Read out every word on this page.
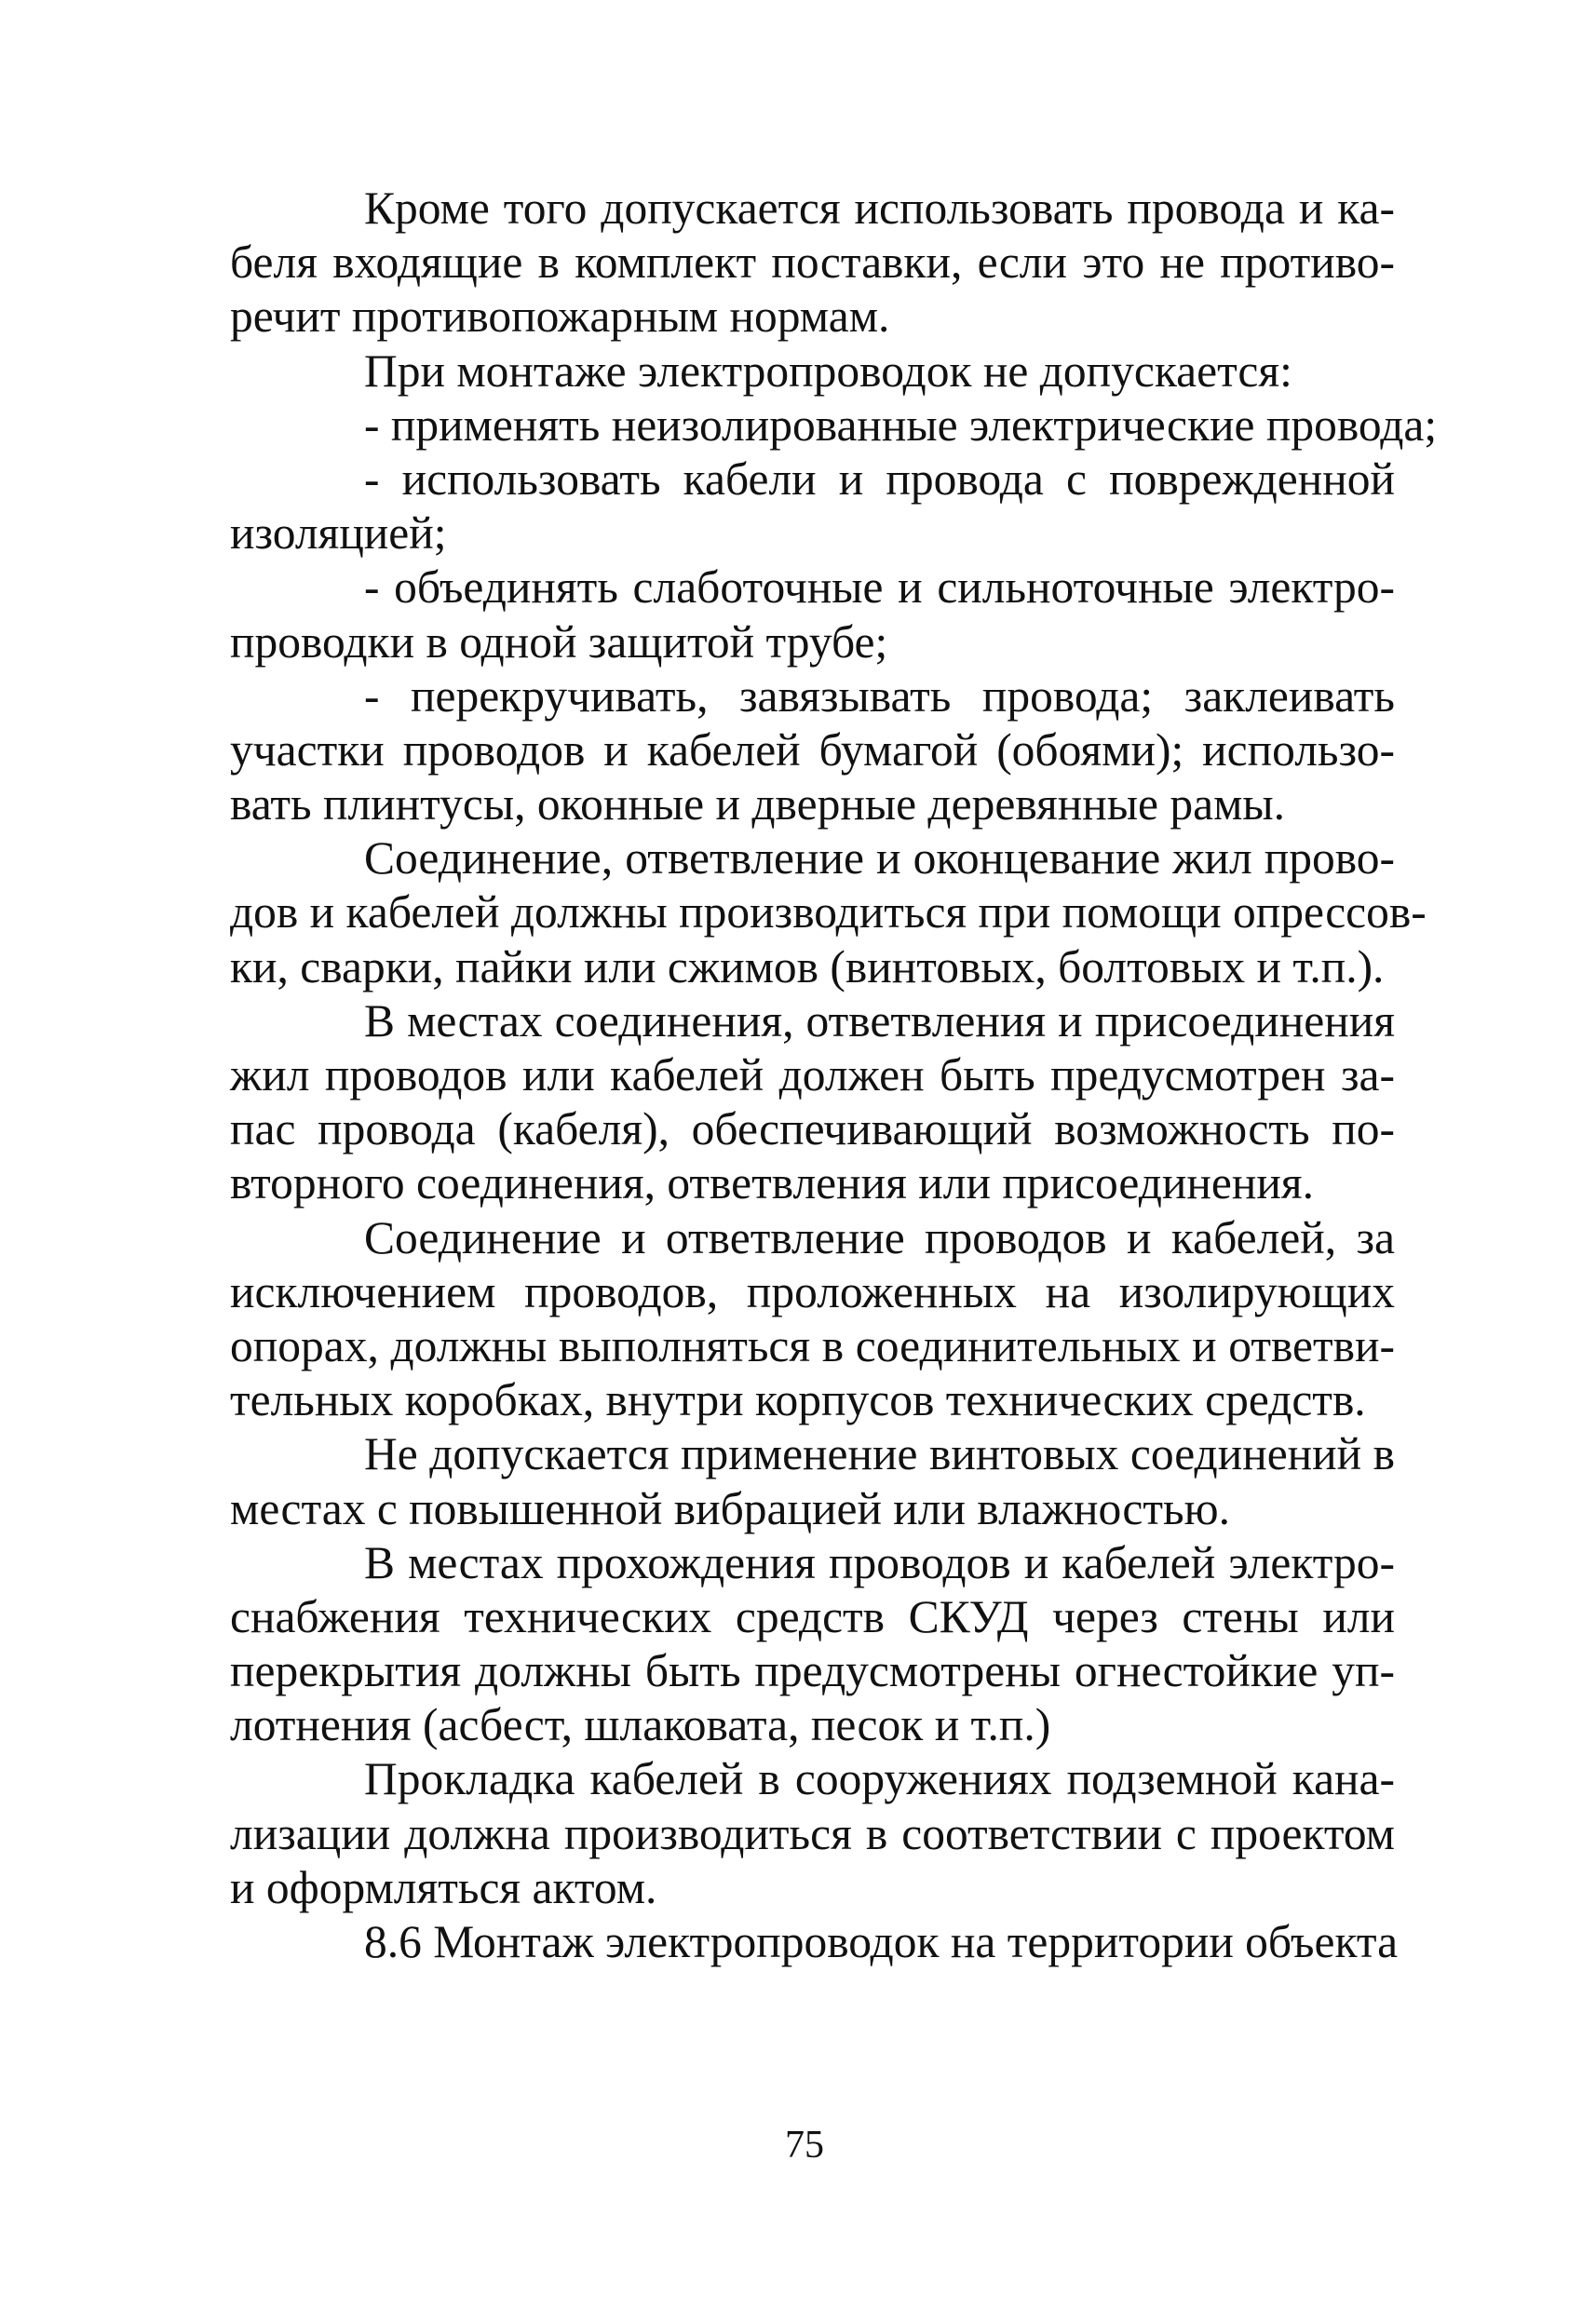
Кроме того допускается использовать провода и ка-
беля входящие в комплект поставки, если это не противо-
речит противопожарным нормам.
При монтаже электропроводок не допускается:
- применять неизолированные электрические провода;
- использовать кабели и провода с поврежденной
изоляцией;
- объединять слаботочные и сильноточные электро-
проводки в одной защитой трубе;
- перекручивать, завязывать провода; заклеивать
участки проводов и кабелей бумагой (обоями); использо-
вать плинтусы, оконные и дверные деревянные рамы.
Соединение, ответвление и оконцевание жил прово-
дов и кабелей должны производиться при помощи опрессов-
ки, сварки, пайки или сжимов (винтовых, болтовых и т.п.).
В местах соединения, ответвления и присоединения
жил проводов или кабелей должен быть предусмотрен за-
пас провода (кабеля), обеспечивающий возможность по-
вторного соединения, ответвления или присоединения.
Соединение и ответвление проводов и кабелей, за
исключением проводов, проложенных на изолирующих
опорах, должны выполняться в соединительных и ответви-
тельных коробках, внутри корпусов технических средств.
Не допускается применение винтовых соединений в
местах с повышенной вибрацией или влажностью.
В местах прохождения проводов и кабелей электро-
снабжения технических средств СКУД через стены или
перекрытия должны быть предусмотрены огнестойкие уп-
лотнения (асбест, шлаковата, песок и т.п.)
Прокладка кабелей в сооружениях подземной кана-
лизации должна производиться в соответствии с проектом
и оформляться актом.
8.6 Монтаж электропроводок на территории объекта
75
